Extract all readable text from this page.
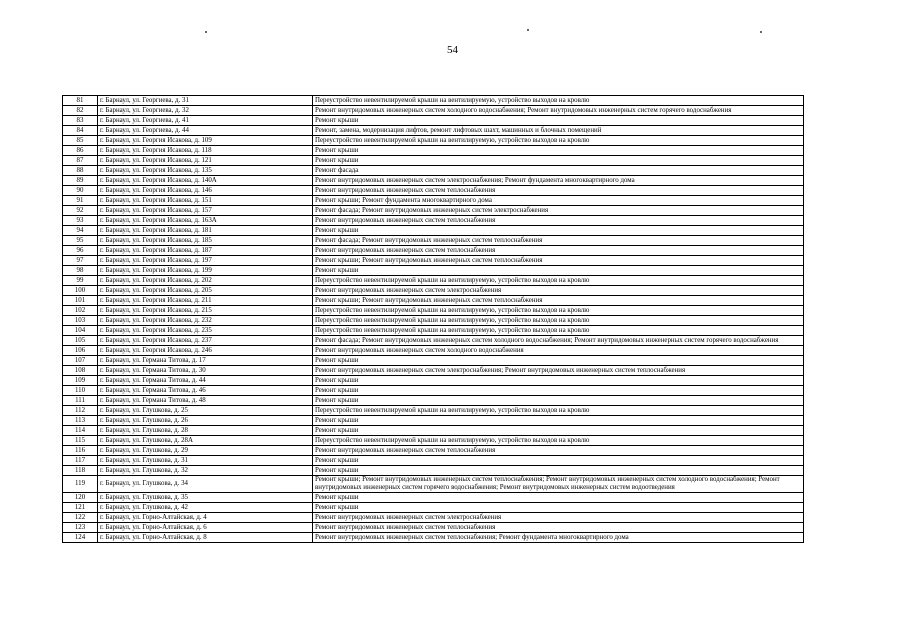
54
81	г. Барнаул, ул. Георгиева, д. 31	Переустройство невентилируемой крыши на вентилируемую, устройство выходов на кровлю
82	г. Барнаул, ул. Георгиева, д. 32	Ремонт внутридомовых инженерных систем холодного водоснабжения; Ремонт внутридомовых инженерных систем горячего водоснабжения
83	г. Барнаул, ул. Георгиева, д. 41	Ремонт крыши
84	г. Барнаул, ул. Георгиева, д. 44	Ремонт, замена, модернизация лифтов, ремонт лифтовых шахт, машинных и блочных помещений
85	г. Барнаул, ул. Георгия Исакова, д. 109	Переустройство невентилируемой крыши на вентилируемую, устройство выходов на кровлю
86	г. Барнаул, ул. Георгия Исакова, д. 118	Ремонт крыши
87	г. Барнаул, ул. Георгия Исакова, д. 121	Ремонт крыши
88	г. Барнаул, ул. Георгия Исакова, д. 135	Ремонт фасада
89	г. Барнаул, ул. Георгия Исакова, д. 140А	Ремонт внутридомовых инженерных систем электроснабжения; Ремонт фундамента многоквартирного дома
90	г. Барнаул, ул. Георгия Исакова, д. 146	Ремонт внутридомовых инженерных систем теплоснабжения
91	г. Барнаул, ул. Георгия Исакова, д. 151	Ремонт крыши; Ремонт фундамента многоквартирного дома
92	г. Барнаул, ул. Георгия Исакова, д. 157	Ремонт фасада; Ремонт внутридомовых инженерных систем электроснабжения
93	г. Барнаул, ул. Георгия Исакова, д. 163А	Ремонт внутридомовых инженерных систем теплоснабжения
94	г. Барнаул, ул. Георгия Исакова, д. 181	Ремонт крыши
95	г. Барнаул, ул. Георгия Исакова, д. 185	Ремонт фасада; Ремонт внутридомовых инженерных систем теплоснабжения
96	г. Барнаул, ул. Георгия Исакова, д. 187	Ремонт внутридомовых инженерных систем теплоснабжения
97	г. Барнаул, ул. Георгия Исакова, д. 197	Ремонт крыши; Ремонт внутридомовых инженерных систем теплоснабжения
98	г. Барнаул, ул. Георгия Исакова, д. 199	Ремонт крыши
99	г. Барнаул, ул. Георгия Исакова, д. 202	Переустройство невентилируемой крыши на вентилируемую, устройство выходов на кровлю
100	г. Барнаул, ул. Георгия Исакова, д. 205	Ремонт внутридомовых инженерных систем электроснабжения
101	г. Барнаул, ул. Георгия Исакова, д. 211	Ремонт крыши; Ремонт внутридомовых инженерных систем теплоснабжения
102	г. Барнаул, ул. Георгия Исакова, д. 215	Переустройство невентилируемой крыши на вентилируемую, устройство выходов на кровлю
103	г. Барнаул, ул. Георгия Исакова, д. 232	Переустройство невентилируемой крыши на вентилируемую, устройство выходов на кровлю
104	г. Барнаул, ул. Георгия Исакова, д. 235	Переустройство невентилируемой крыши на вентилируемую, устройство выходов на кровлю
105	г. Барнаул, ул. Георгия Исакова, д. 237	Ремонт фасада; Ремонт внутридомовых инженерных систем холодного водоснабжения; Ремонт внутридомовых инженерных систем горячего водоснабжения
106	г. Барнаул, ул. Георгия Исакова, д. 246	Ремонт внутридомовых инженерных систем холодного водоснабжения
107	г. Барнаул, ул. Германа Титова, д. 17	Ремонт крыши
108	г. Барнаул, ул. Германа Титова, д. 30	Ремонт внутридомовых инженерных систем электроснабжения; Ремонт внутридомовых инженерных систем теплоснабжения
109	г. Барнаул, ул. Германа Титова, д. 44	Ремонт крыши
110	г. Барнаул, ул. Германа Титова, д. 46	Ремонт крыши
111	г. Барнаул, ул. Германа Титова, д. 48	Ремонт крыши
112	г. Барнаул, ул. Глушкова, д. 25	Переустройство невентилируемой крыши на вентилируемую, устройство выходов на кровлю
113	г. Барнаул, ул. Глушкова, д. 26	Ремонт крыши
114	г. Барнаул, ул. Глушкова, д. 28	Ремонт крыши
115	г. Барнаул, ул. Глушкова, д. 28А	Переустройство невентилируемой крыши на вентилируемую, устройство выходов на кровлю
116	г. Барнаул, ул. Глушкова, д. 29	Ремонт внутридомовых инженерных систем теплоснабжения
117	г. Барнаул, ул. Глушкова, д. 31	Ремонт крыши
118	г. Барнаул, ул. Глушкова, д. 32	Ремонт крыши
119	г. Барнаул, ул. Глушкова, д. 34	Ремонт крыши; Ремонт внутридомовых инженерных систем теплоснабжения; Ремонт внутридомовых инженерных систем холодного водоснабжения; Ремонт внутридомовых инженерных систем горячего водоснабжения; Ремонт внутридомовых инженерных систем водоотведения
120	г. Барнаул, ул. Глушкова, д. 35	Ремонт крыши
121	г. Барнаул, ул. Глушкова, д. 42	Ремонт крыши
122	г. Барнаул, ул. Горно-Алтайская, д. 4	Ремонт внутридомовых инженерных систем электроснабжения
123	г. Барнаул, ул. Горно-Алтайская, д. 6	Ремонт внутридомовых инженерных систем теплоснабжения
124	г. Барнаул, ул. Горно-Алтайская, д. 8	Ремонт внутридомовых инженерных систем теплоснабжения; Ремонт фундамента многоквартирного дома
